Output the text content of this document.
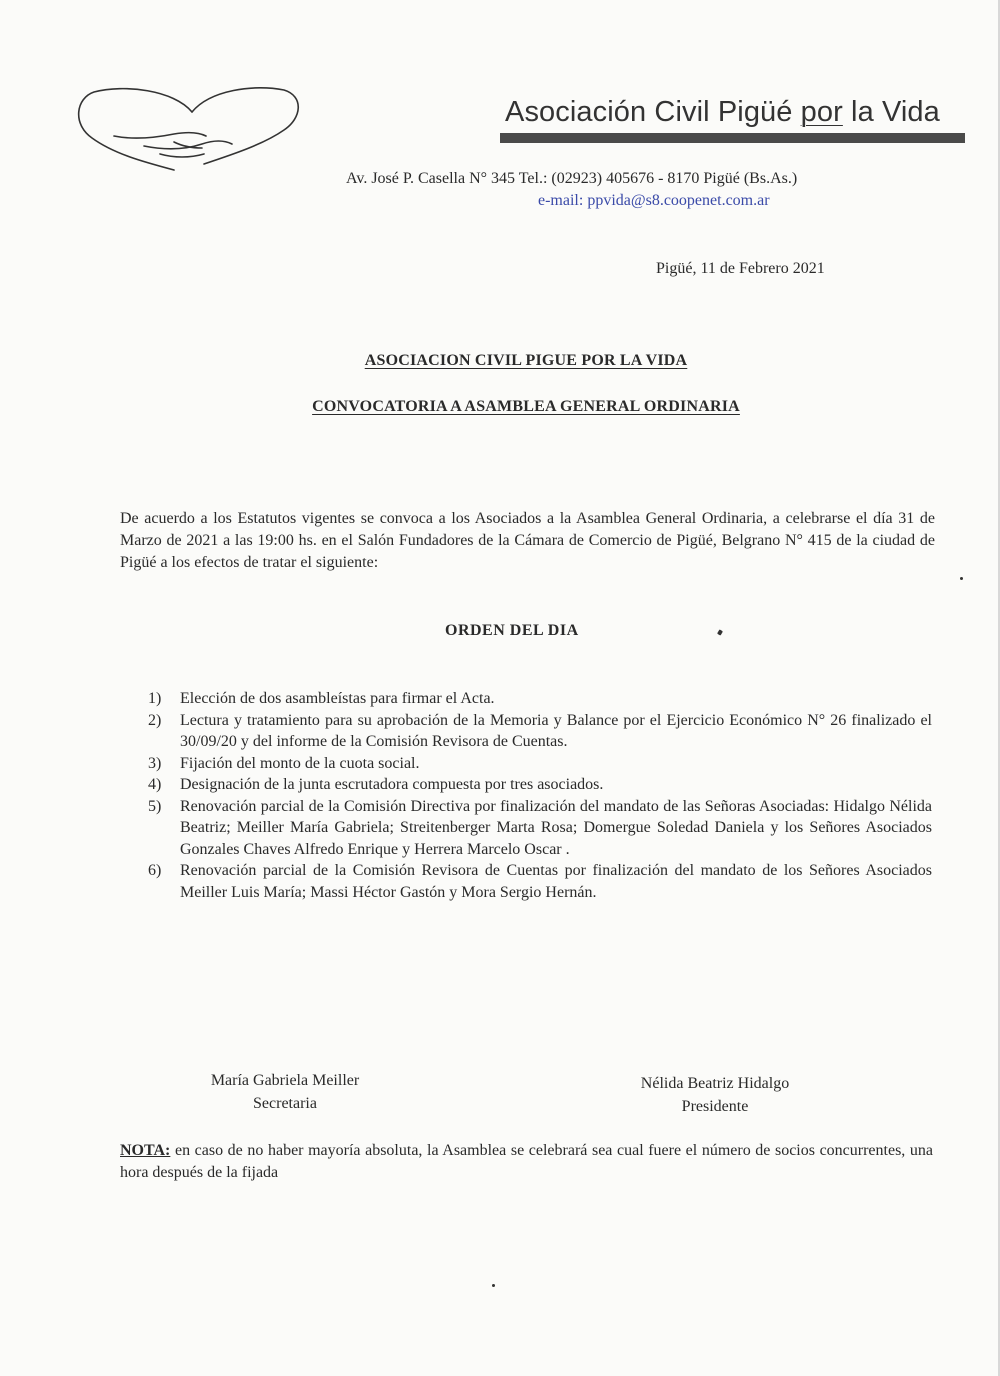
Asociación Civil Pigüé por la Vida
Av. José P. Casella N° 345 Tel.: (02923) 405676 - 8170 Pigüé (Bs.As.)
e-mail: ppvida@s8.coopenet.com.ar
Pigüé, 11 de Febrero 2021
ASOCIACION CIVIL PIGUE POR LA VIDA
CONVOCATORIA A ASAMBLEA GENERAL ORDINARIA
De acuerdo a los Estatutos vigentes se convoca a los Asociados a la Asamblea General Ordinaria, a celebrarse el día 31 de Marzo de 2021 a las 19:00 hs. en el Salón Fundadores de la Cámara de Comercio de Pigüé, Belgrano N° 415 de la ciudad de Pigüé a los efectos de tratar el siguiente:
ORDEN DEL DIA
1)	Elección de dos asambleístas para firmar el Acta.
2)	Lectura y tratamiento para su aprobación de la Memoria y Balance por el Ejercicio Económico N° 26 finalizado el 30/09/20 y del informe de la Comisión Revisora de Cuentas.
3)	Fijación del monto de la cuota social.
4)	Designación de la junta escrutadora compuesta por tres asociados.
5)	Renovación parcial de la Comisión Directiva por finalización del mandato de las Señoras Asociadas: Hidalgo Nélida Beatriz; Meiller María Gabriela; Streitenberger Marta Rosa; Domergue Soledad Daniela y los Señores Asociados Gonzales Chaves Alfredo Enrique y Herrera Marcelo Oscar .
6)	Renovación parcial de la Comisión Revisora de Cuentas por finalización del mandato de los Señores Asociados Meiller Luis María; Massi Héctor Gastón y Mora Sergio Hernán.
María Gabriela Meiller
Secretaria
Nélida Beatriz Hidalgo
Presidente
NOTA: en caso de no haber mayoría absoluta, la Asamblea se celebrará sea cual fuere el número de socios concurrentes, una hora después de la fijada
